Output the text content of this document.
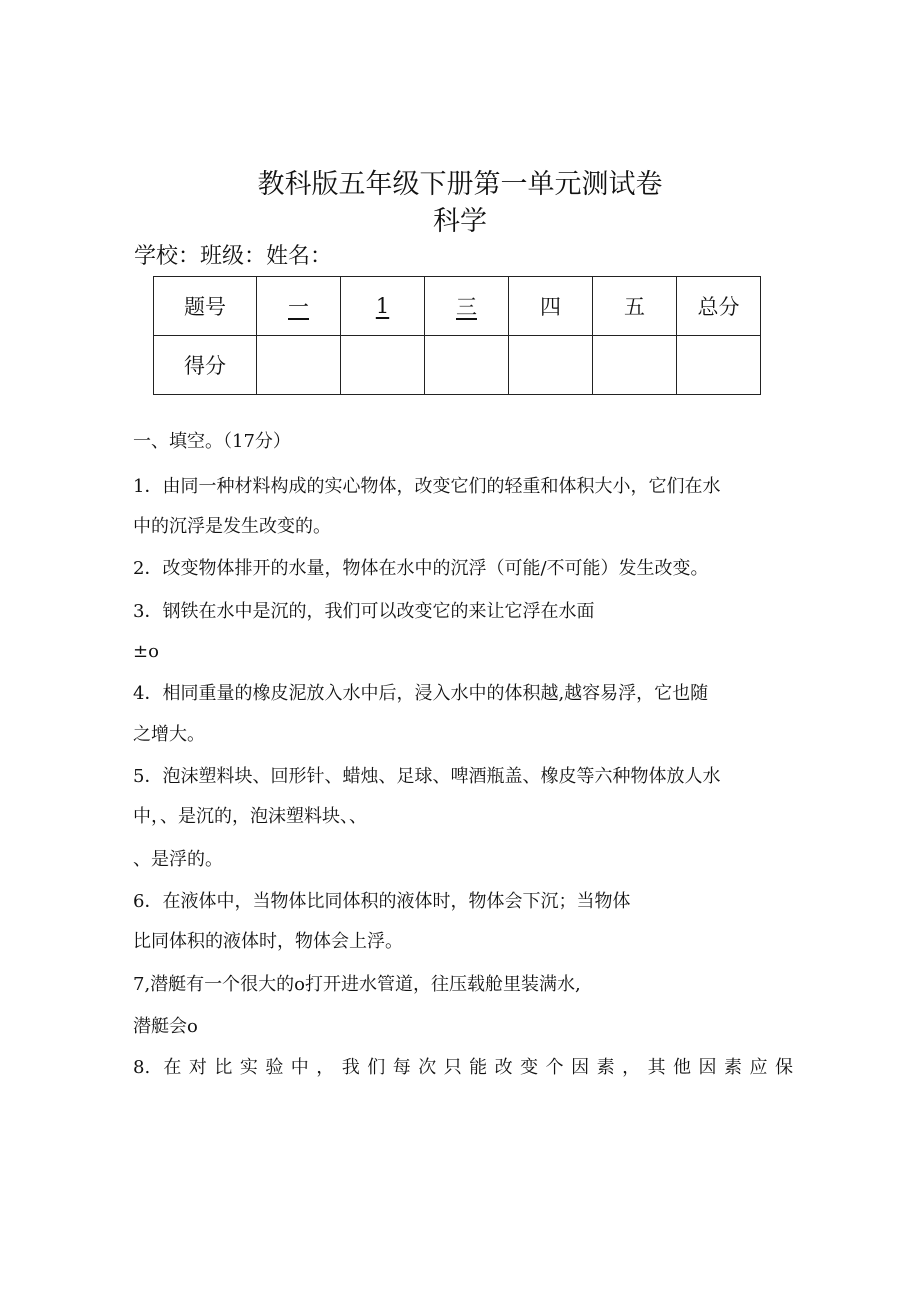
教科版五年级下册第一单元测试卷
科学
学校：班级：姓名：
题号	一	1	三	四	五	总分
得分						
一、填空。（17分）
1．由同一种材料构成的实心物体，改变它们的轻重和体积大小，它们在水
中的沉浮是发生改变的。
2．改变物体排开的水量，物体在水中的沉浮（可能/不可能）发生改变。
3．钢铁在水中是沉的，我们可以改变它的来让它浮在水面
±o
4．相同重量的橡皮泥放入水中后，浸入水中的体积越,越容易浮，它也随
之增大。
5．泡沫塑料块、回形针、蜡烛、足球、啤酒瓶盖、橡皮等六种物体放人水
中，、是沉的，泡沫塑料块、、
、是浮的。
6．在液体中，当物体比同体积的液体时，物体会下沉；当物体
比同体积的液体时，物体会上浮。
7,潜艇有一个很大的o打开进水管道，往压载舱里装满水,
潜艇会o
8. 在对比实验中，我们每次只能改变个因素，其他因素应保
